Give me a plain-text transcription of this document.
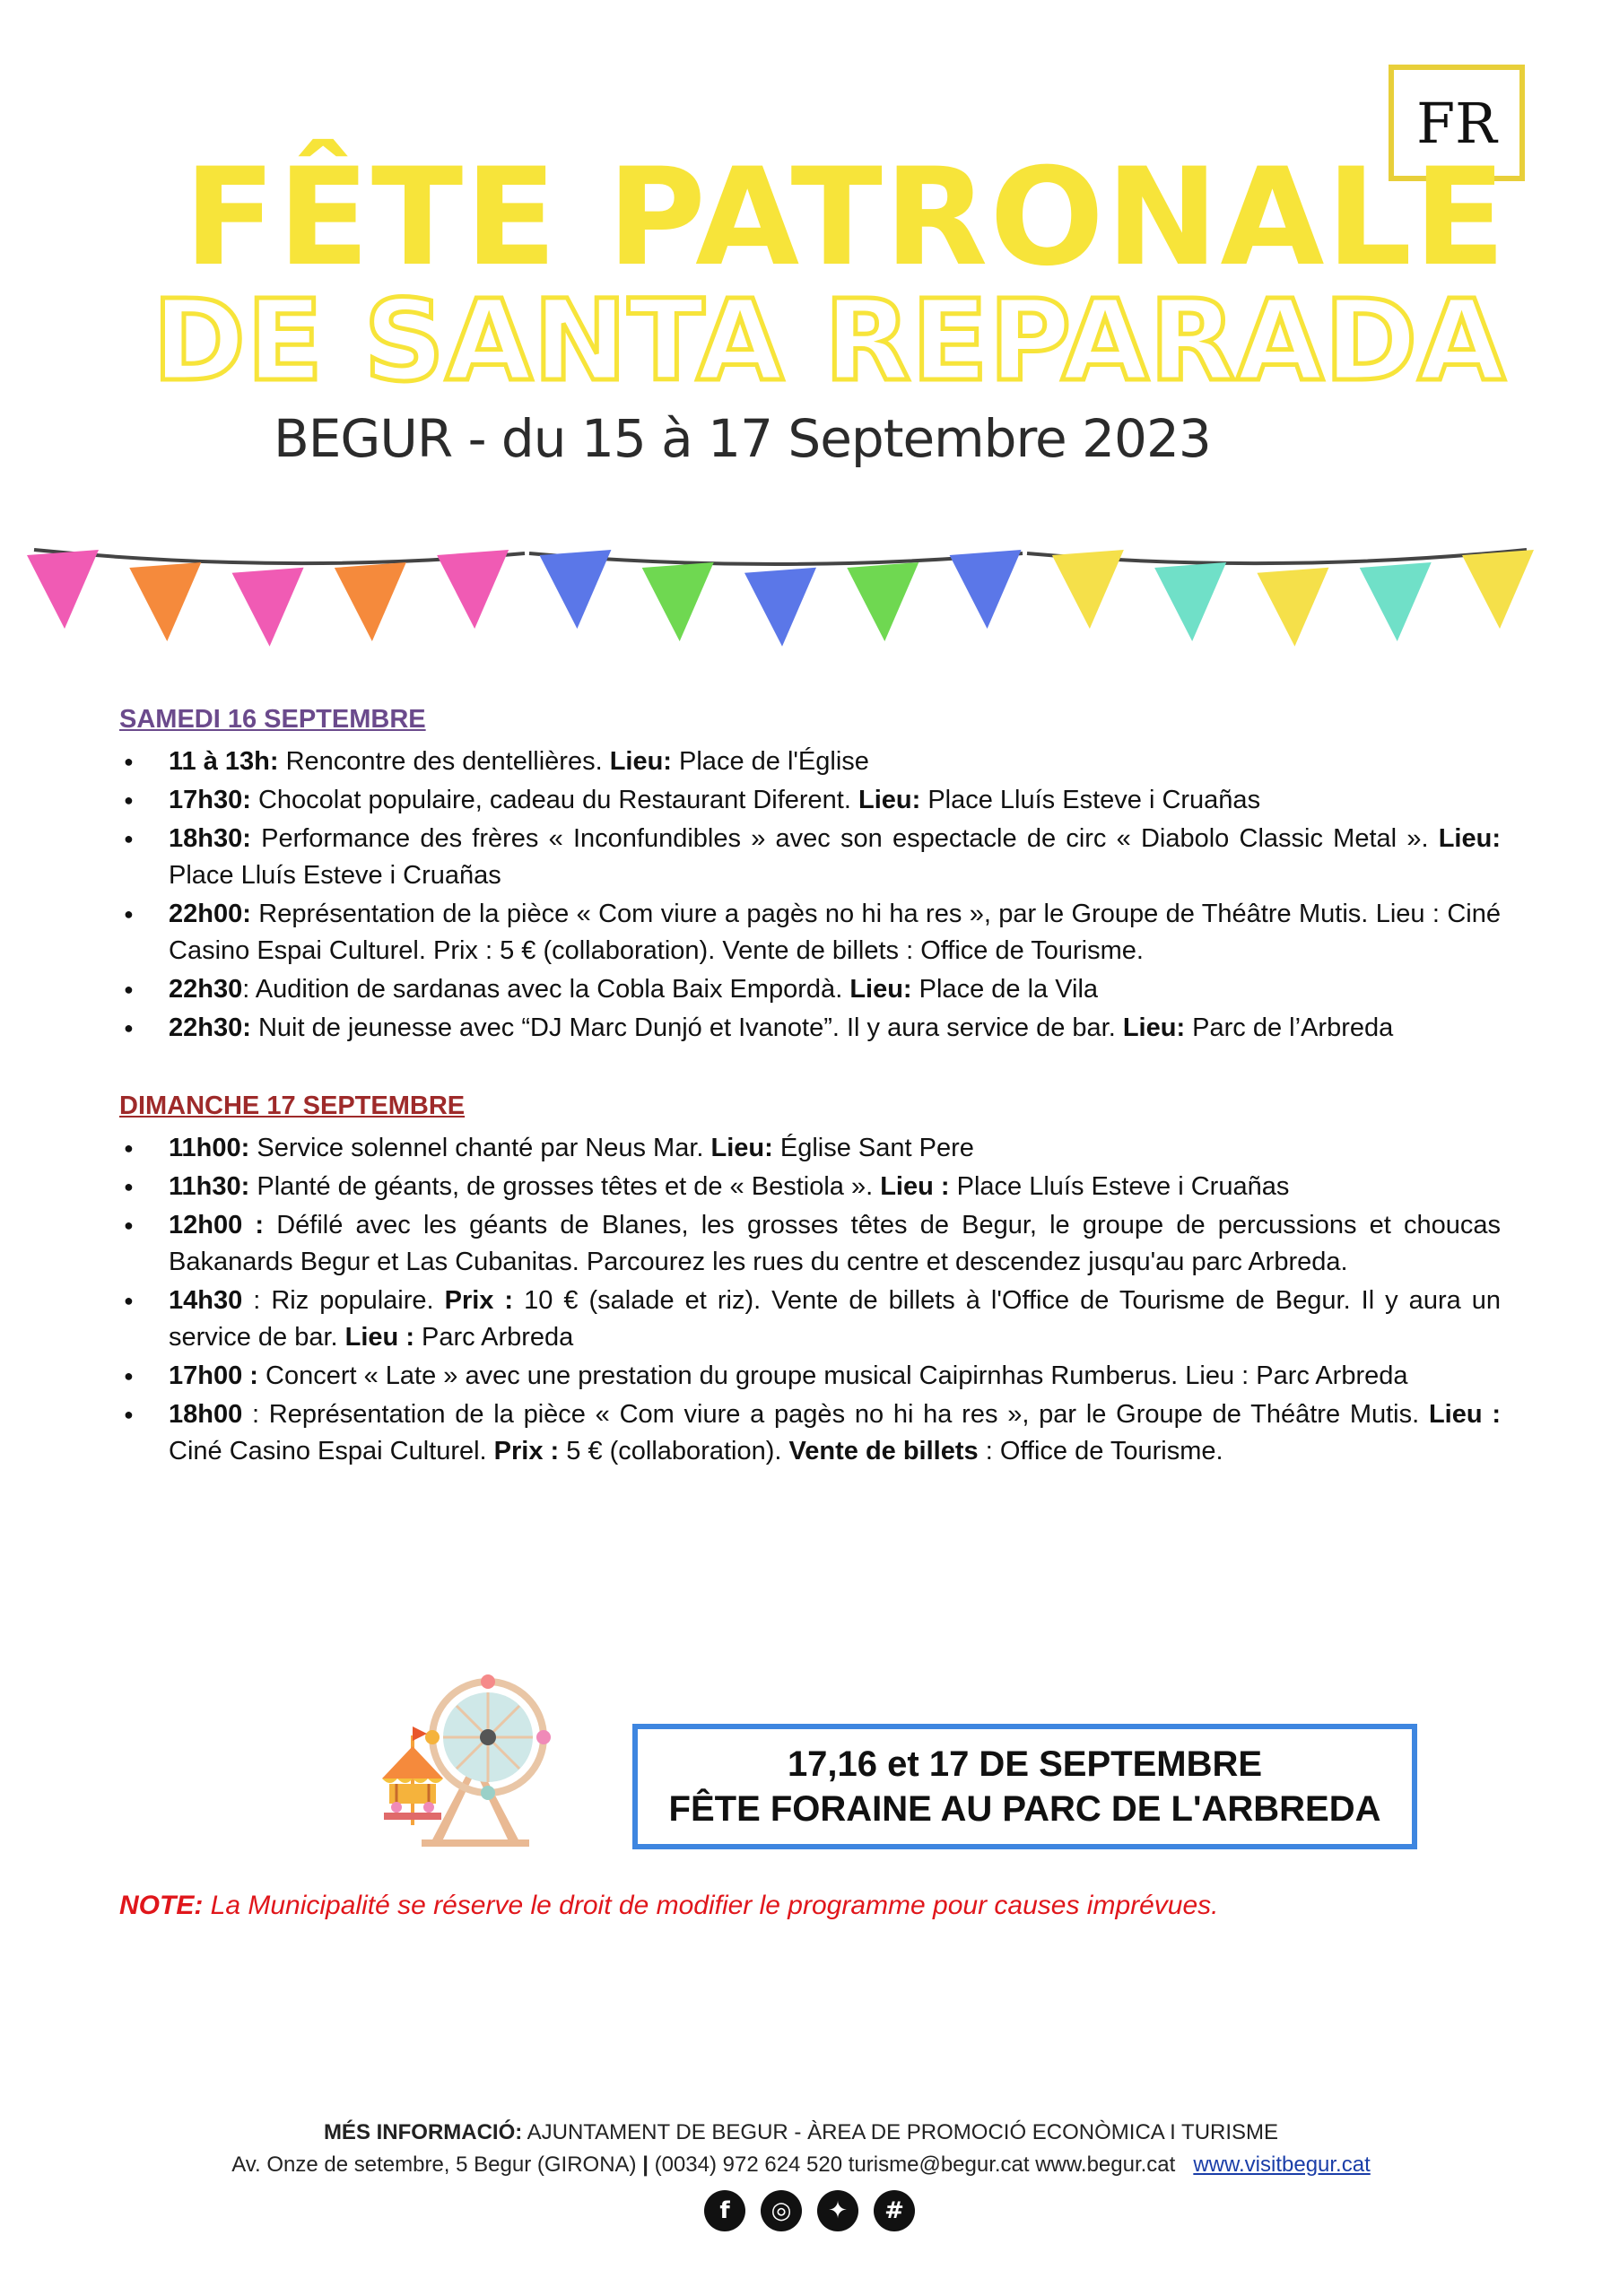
FR
FÊTE PATRONALE
DE SANTA REPARADA
BEGUR - du 15 à 17 Septembre 2023
SAMEDI 16 SEPTEMBRE
● 11 à 13h: Rencontre des dentellières. Lieu: Place de l'Église
● 17h30: Chocolat populaire, cadeau du Restaurant Diferent. Lieu: Place Lluís Esteve i Cruañas
● 18h30: Performance des frères « Inconfundibles » avec son espectacle de circ « Diabolo Classic Metal ». Lieu: Place Lluís Esteve i Cruañas
● 22h00: Représentation de la pièce « Com viure a pagès no hi ha res », par le Groupe de Théâtre Mutis. Lieu : Ciné Casino Espai Culturel. Prix : 5 € (collaboration). Vente de billets : Office de Tourisme.
● 22h30: Audition de sardanas avec la Cobla Baix Empordà. Lieu: Place de la Vila
● 22h30: Nuit de jeunesse avec “DJ Marc Dunjó et Ivanote”. Il y aura service de bar. Lieu: Parc de l’Arbreda
DIMANCHE 17 SEPTEMBRE
● 11h00: Service solennel chanté par Neus Mar. Lieu: Église Sant Pere
● 11h30: Planté de géants, de grosses têtes et de « Bestiola ». Lieu : Place Lluís Esteve i Cruañas
● 12h00 : Défilé avec les géants de Blanes, les grosses têtes de Begur, le groupe de percussions et choucas Bakanards Begur et Las Cubanitas. Parcourez les rues du centre et descendez jusqu'au parc Arbreda.
● 14h30 : Riz populaire. Prix : 10 € (salade et riz). Vente de billets à l'Office de Tourisme de Begur. Il y aura un service de bar. Lieu : Parc Arbreda
● 17h00 : Concert « Late » avec une prestation du groupe musical Caipirnhas Rumberus. Lieu : Parc Arbreda
● 18h00 : Représentation de la pièce « Com viure a pagès no hi ha res », par le Groupe de Théâtre Mutis. Lieu : Ciné Casino Espai Culturel. Prix : 5 € (collaboration). Vente de billets : Office de Tourisme.
17,16 et 17 DE SEPTEMBRE
FÊTE FORAINE AU PARC DE L'ARBREDA
NOTE: La Municipalité se réserve le droit de modifier le programme pour causes imprévues.
MÉS INFORMACIÓ: AJUNTAMENT DE BEGUR - ÀREA DE PROMOCIÓ ECONÒMICA I TURISME
Av. Onze de setembre, 5 Begur (GIRONA) | (0034) 972 624 520 turisme@begur.cat www.begur.cat www.visitbegur.cat
f ◎ ✦ #
